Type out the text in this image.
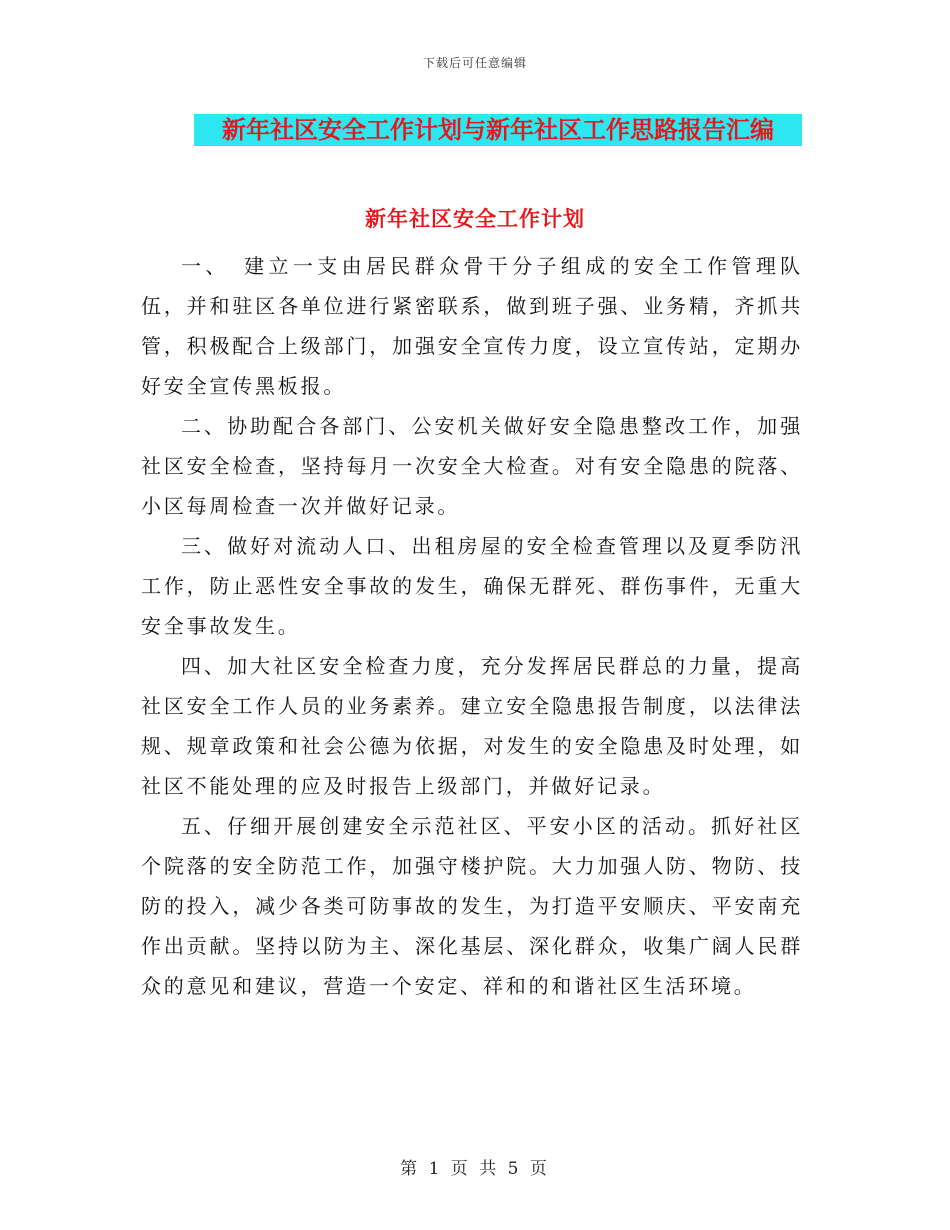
下载后可任意编辑
新年社区安全工作计划与新年社区工作思路报告汇编
新年社区安全工作计划

一、　建立一支由居民群众骨干分子组成的安全工作管理队伍，并和驻区各单位进行紧密联系，做到班子强、业务精，齐抓共管，积极配合上级部门，加强安全宣传力度，设立宣传站，定期办好安全宣传黑板报。

二、协助配合各部门、公安机关做好安全隐患整改工作，加强社区安全检查，坚持每月一次安全大检查。对有安全隐患的院落、小区每周检查一次并做好记录。

三、做好对流动人口、出租房屋的安全检查管理以及夏季防汛工作，防止恶性安全事故的发生，确保无群死、群伤事件，无重大安全事故发生。

四、加大社区安全检查力度，充分发挥居民群总的力量，提高社区安全工作人员的业务素养。建立安全隐患报告制度，以法律法规、规章政策和社会公德为依据，对发生的安全隐患及时处理，如社区不能处理的应及时报告上级部门，并做好记录。

五、仔细开展创建安全示范社区、平安小区的活动。抓好社区个院落的安全防范工作，加强守楼护院。大力加强人防、物防、技防的投入，减少各类可防事故的发生，为打造平安顺庆、平安南充作出贡献。坚持以防为主、深化基层、深化群众，收集广阔人民群众的意见和建议，营造一个安定、祥和的和谐社区生活环境。

第 1 页 共 5 页
